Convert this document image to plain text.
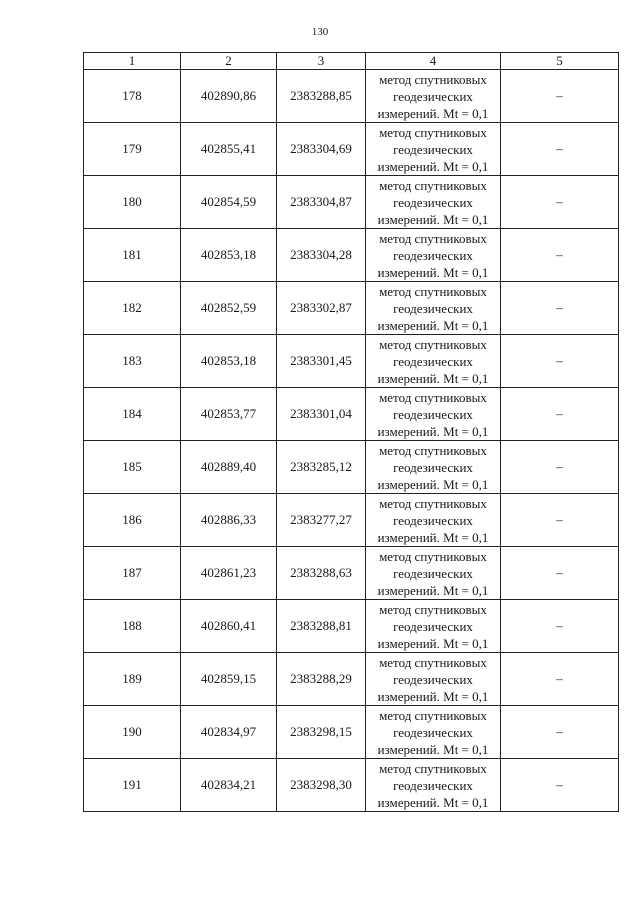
130
1	2	3	4	5
178	402890,86	2383288,85	метод спутниковых
геодезических
измерений. Mt = 0,1	–
179	402855,41	2383304,69	метод спутниковых
геодезических
измерений. Mt = 0,1	–
180	402854,59	2383304,87	метод спутниковых
геодезических
измерений. Mt = 0,1	–
181	402853,18	2383304,28	метод спутниковых
геодезических
измерений. Mt = 0,1	–
182	402852,59	2383302,87	метод спутниковых
геодезических
измерений. Mt = 0,1	–
183	402853,18	2383301,45	метод спутниковых
геодезических
измерений. Mt = 0,1	–
184	402853,77	2383301,04	метод спутниковых
геодезических
измерений. Mt = 0,1	–
185	402889,40	2383285,12	метод спутниковых
геодезических
измерений. Mt = 0,1	–
186	402886,33	2383277,27	метод спутниковых
геодезических
измерений. Mt = 0,1	–
187	402861,23	2383288,63	метод спутниковых
геодезических
измерений. Mt = 0,1	–
188	402860,41	2383288,81	метод спутниковых
геодезических
измерений. Mt = 0,1	–
189	402859,15	2383288,29	метод спутниковых
геодезических
измерений. Mt = 0,1	–
190	402834,97	2383298,15	метод спутниковых
геодезических
измерений. Mt = 0,1	–
191	402834,21	2383298,30	метод спутниковых
геодезических
измерений. Mt = 0,1	–
